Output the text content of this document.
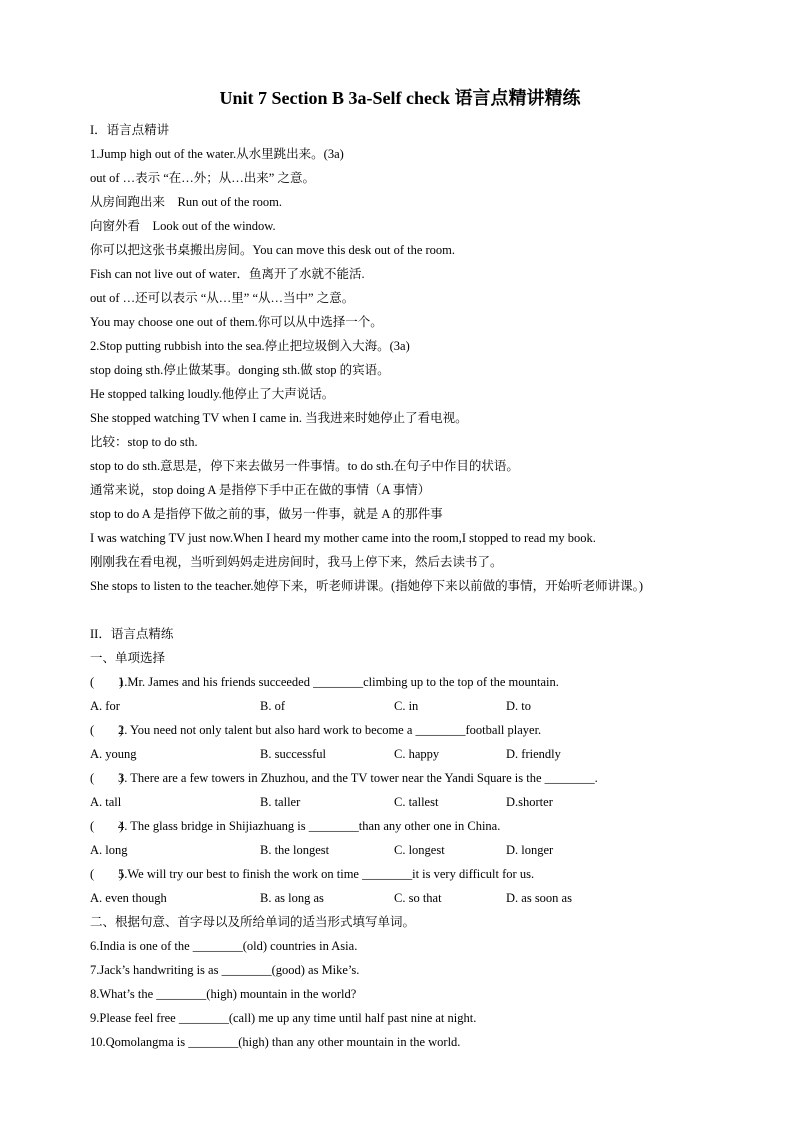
Unit 7 Section B 3a-Self check 语言点精讲精练
I．语言点精讲
1.Jump high out of the water.从水里跳出来。(3a)
out of …表示 “在…外；从…出来” 之意。
从房间跑出来　Run out of the room.
向窗外看　Look out of the window.
你可以把这张书桌搬出房间。You can move this desk out of the room.
Fish can not live out of water．鱼离开了水就不能活.
out of …还可以表示 “从…里” “从…当中” 之意。
You may choose one out of them.你可以从中选择一个。
2.Stop putting rubbish into the sea.停止把垃圾倒入大海。(3a)
stop doing sth.停止做某事。donging sth.做 stop 的宾语。
He stopped talking loudly.他停止了大声说话。
She stopped watching TV when I came in. 当我进来时她停止了看电视。
比较：stop to do sth.
stop to do sth.意思是，停下来去做另一件事情。to do sth.在句子中作目的状语。
通常来说，stop doing A 是指停下手中正在做的事情（A 事情）
stop to do A 是指停下做之前的事，做另一件事，就是 A 的那件事
I was watching TV just now.When I heard my mother came into the room,I stopped to read my book.
刚刚我在看电视，当听到妈妈走进房间时，我马上停下来，然后去读书了。
She stops to listen to the teacher.她停下来，听老师讲课。(指她停下来以前做的事情，开始听老师讲课。)
II．语言点精练
一、单项选择
(　　)1.Mr. James and his friends succeeded ________climbing up to the top of the mountain.
A. for	B. of	C. in	D. to
(　　)2. You need not only talent but also hard work to become a ________football player.
A. young	B. successful	C. happy	D. friendly
(　　)3. There are a few towers in Zhuzhou, and the TV tower near the Yandi Square is the ________.
A. tall	B. taller	C. tallest	D.shorter
(　　)4. The glass bridge in Shijiazhuang is ________than any other one in China.
A. long	B. the longest	C. longest	D. longer
(　　)5.We will try our best to finish the work on time ________it is very difficult for us.
A. even though	B. as long as	C. so that	D. as soon as
二、根据句意、首字母以及所给单词的适当形式填写单词。
6.India is one of the ________(old) countries in Asia.
7.Jack’s handwriting is as ________(good) as Mike’s.
8.What’s the ________(high) mountain in the world?
9.Please feel free ________(call) me up any time until half past nine at night.
10.Qomolangma is ________(high) than any other mountain in the world.
